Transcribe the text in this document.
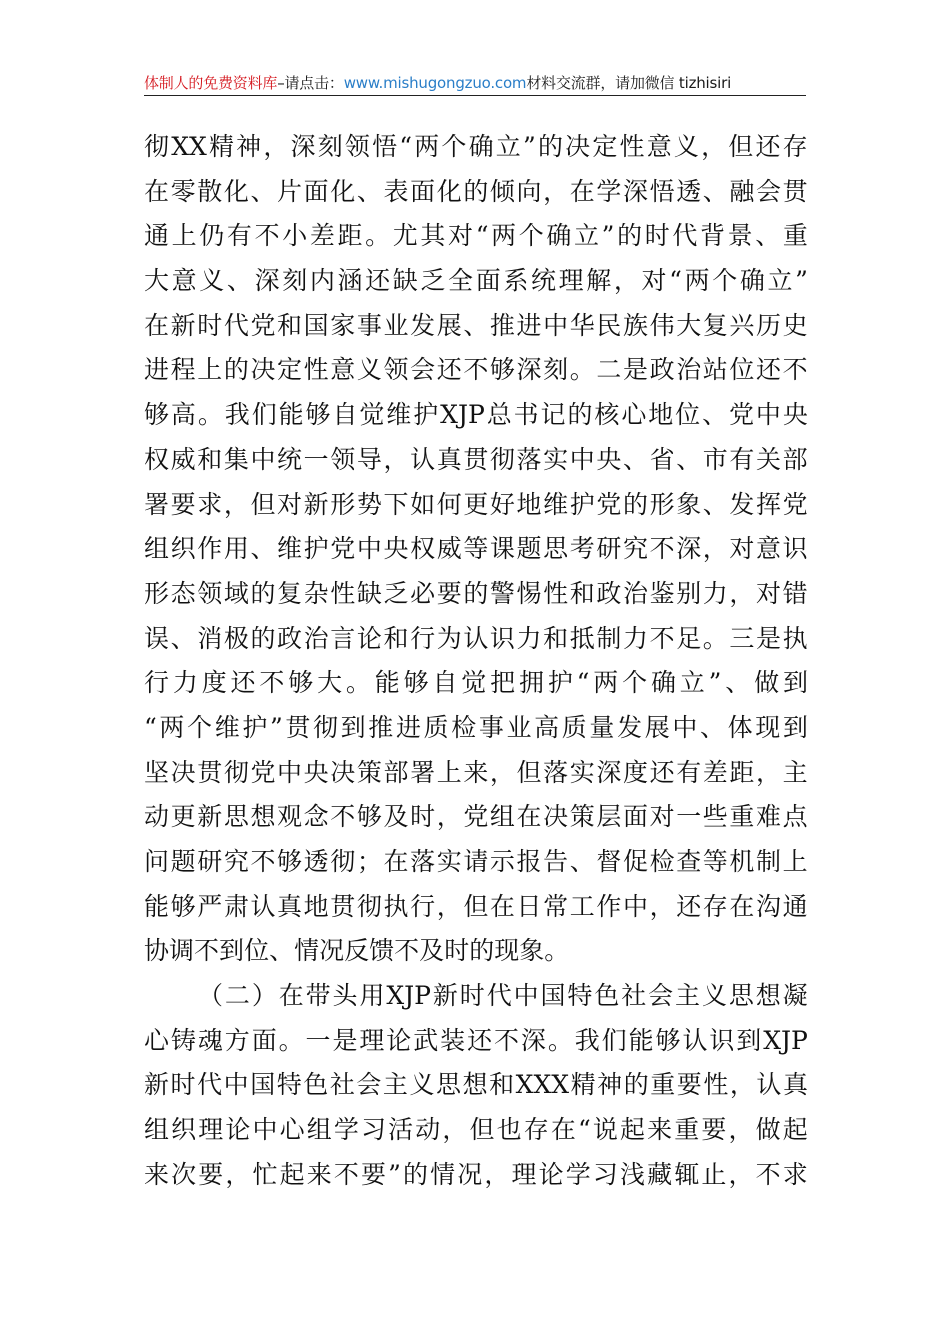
体制人的免费资料库–请点击：www.mishugongzuo.com材料交流群，请加微信 tizhisiri
彻 XX 精 神 ， 深 刻 领 悟 “ 两 个 确 立 ” 的 决 定 性 意 义 ， 但 还 存
在 零 散 化 、 片 面 化 、 表 面 化 的 倾 向 ， 在 学 深 悟 透 、 融 会 贯
通 上 仍 有 不 小 差 距 。 尤 其 对 “ 两 个 确 立 ” 的 时 代 背 景 、 重
大 意 义 、 深 刻 内 涵 还 缺 乏 全 面 系 统 理 解 ， 对 “ 两 个 确 立 ”
在 新 时 代 党 和 国 家 事 业 发 展 、 推 进 中 华 民 族 伟 大 复 兴 历 史
进 程 上 的 决 定 性 意 义 领 会 还 不 够 深 刻 。 二 是 政 治 站 位 还 不
够 高 。 我 们 能 够 自 觉 维 护 XJP 总 书 记 的 核 心 地 位 、 党 中 央
权 威 和 集 中 统 一 领 导 ， 认 真 贯 彻 落 实 中 央 、 省 、 市 有 关 部
署 要 求 ， 但 对 新 形 势 下 如 何 更 好 地 维 护 党 的 形 象 、 发 挥 党
组 织 作 用 、 维 护 党 中 央 权 威 等 课 题 思 考 研 究 不 深 ， 对 意 识
形 态 领 域 的 复 杂 性 缺 乏 必 要 的 警 惕 性 和 政 治 鉴 别 力 ， 对 错
误 、 消 极 的 政 治 言 论 和 行 为 认 识 力 和 抵 制 力 不 足 。 三 是 执
行 力 度 还 不 够 大 。 能 够 自 觉 把 拥 护 “ 两 个 确 立 ” 、 做 到
“ 两 个 维 护 ” 贯 彻 到 推 进 质 检 事 业 高 质 量 发 展 中 、 体 现 到
坚 决 贯 彻 党 中 央 决 策 部 署 上 来 ， 但 落 实 深 度 还 有 差 距 ， 主
动 更 新 思 想 观 念 不 够 及 时 ， 党 组 在 决 策 层 面 对 一 些 重 难 点
问 题 研 究 不 够 透 彻 ； 在 落 实 请 示 报 告 、 督 促 检 查 等 机 制 上
能 够 严 肃 认 真 地 贯 彻 执 行 ， 但 在 日 常 工 作 中 ， 还 存 在 沟 通
协 调 不 到 位 、 情 况 反 馈 不 及 时 的 现 象 。
（ 二 ） 在 带 头 用 XJP 新 时 代 中 国 特 色 社 会 主 义 思 想 凝
心 铸 魂 方 面 。 一 是 理 论 武 装 还 不 深 。 我 们 能 够 认 识 到 XJP
新 时 代 中 国 特 色 社 会 主 义 思 想 和 XXX 精 神 的 重 要 性 ， 认 真
组 织 理 论 中 心 组 学 习 活 动 ， 但 也 存 在 “ 说 起 来 重 要 ， 做 起
来 次 要 ， 忙 起 来 不 要 ” 的 情 况 ， 理 论 学 习 浅 藏 辄 止 ， 不 求
